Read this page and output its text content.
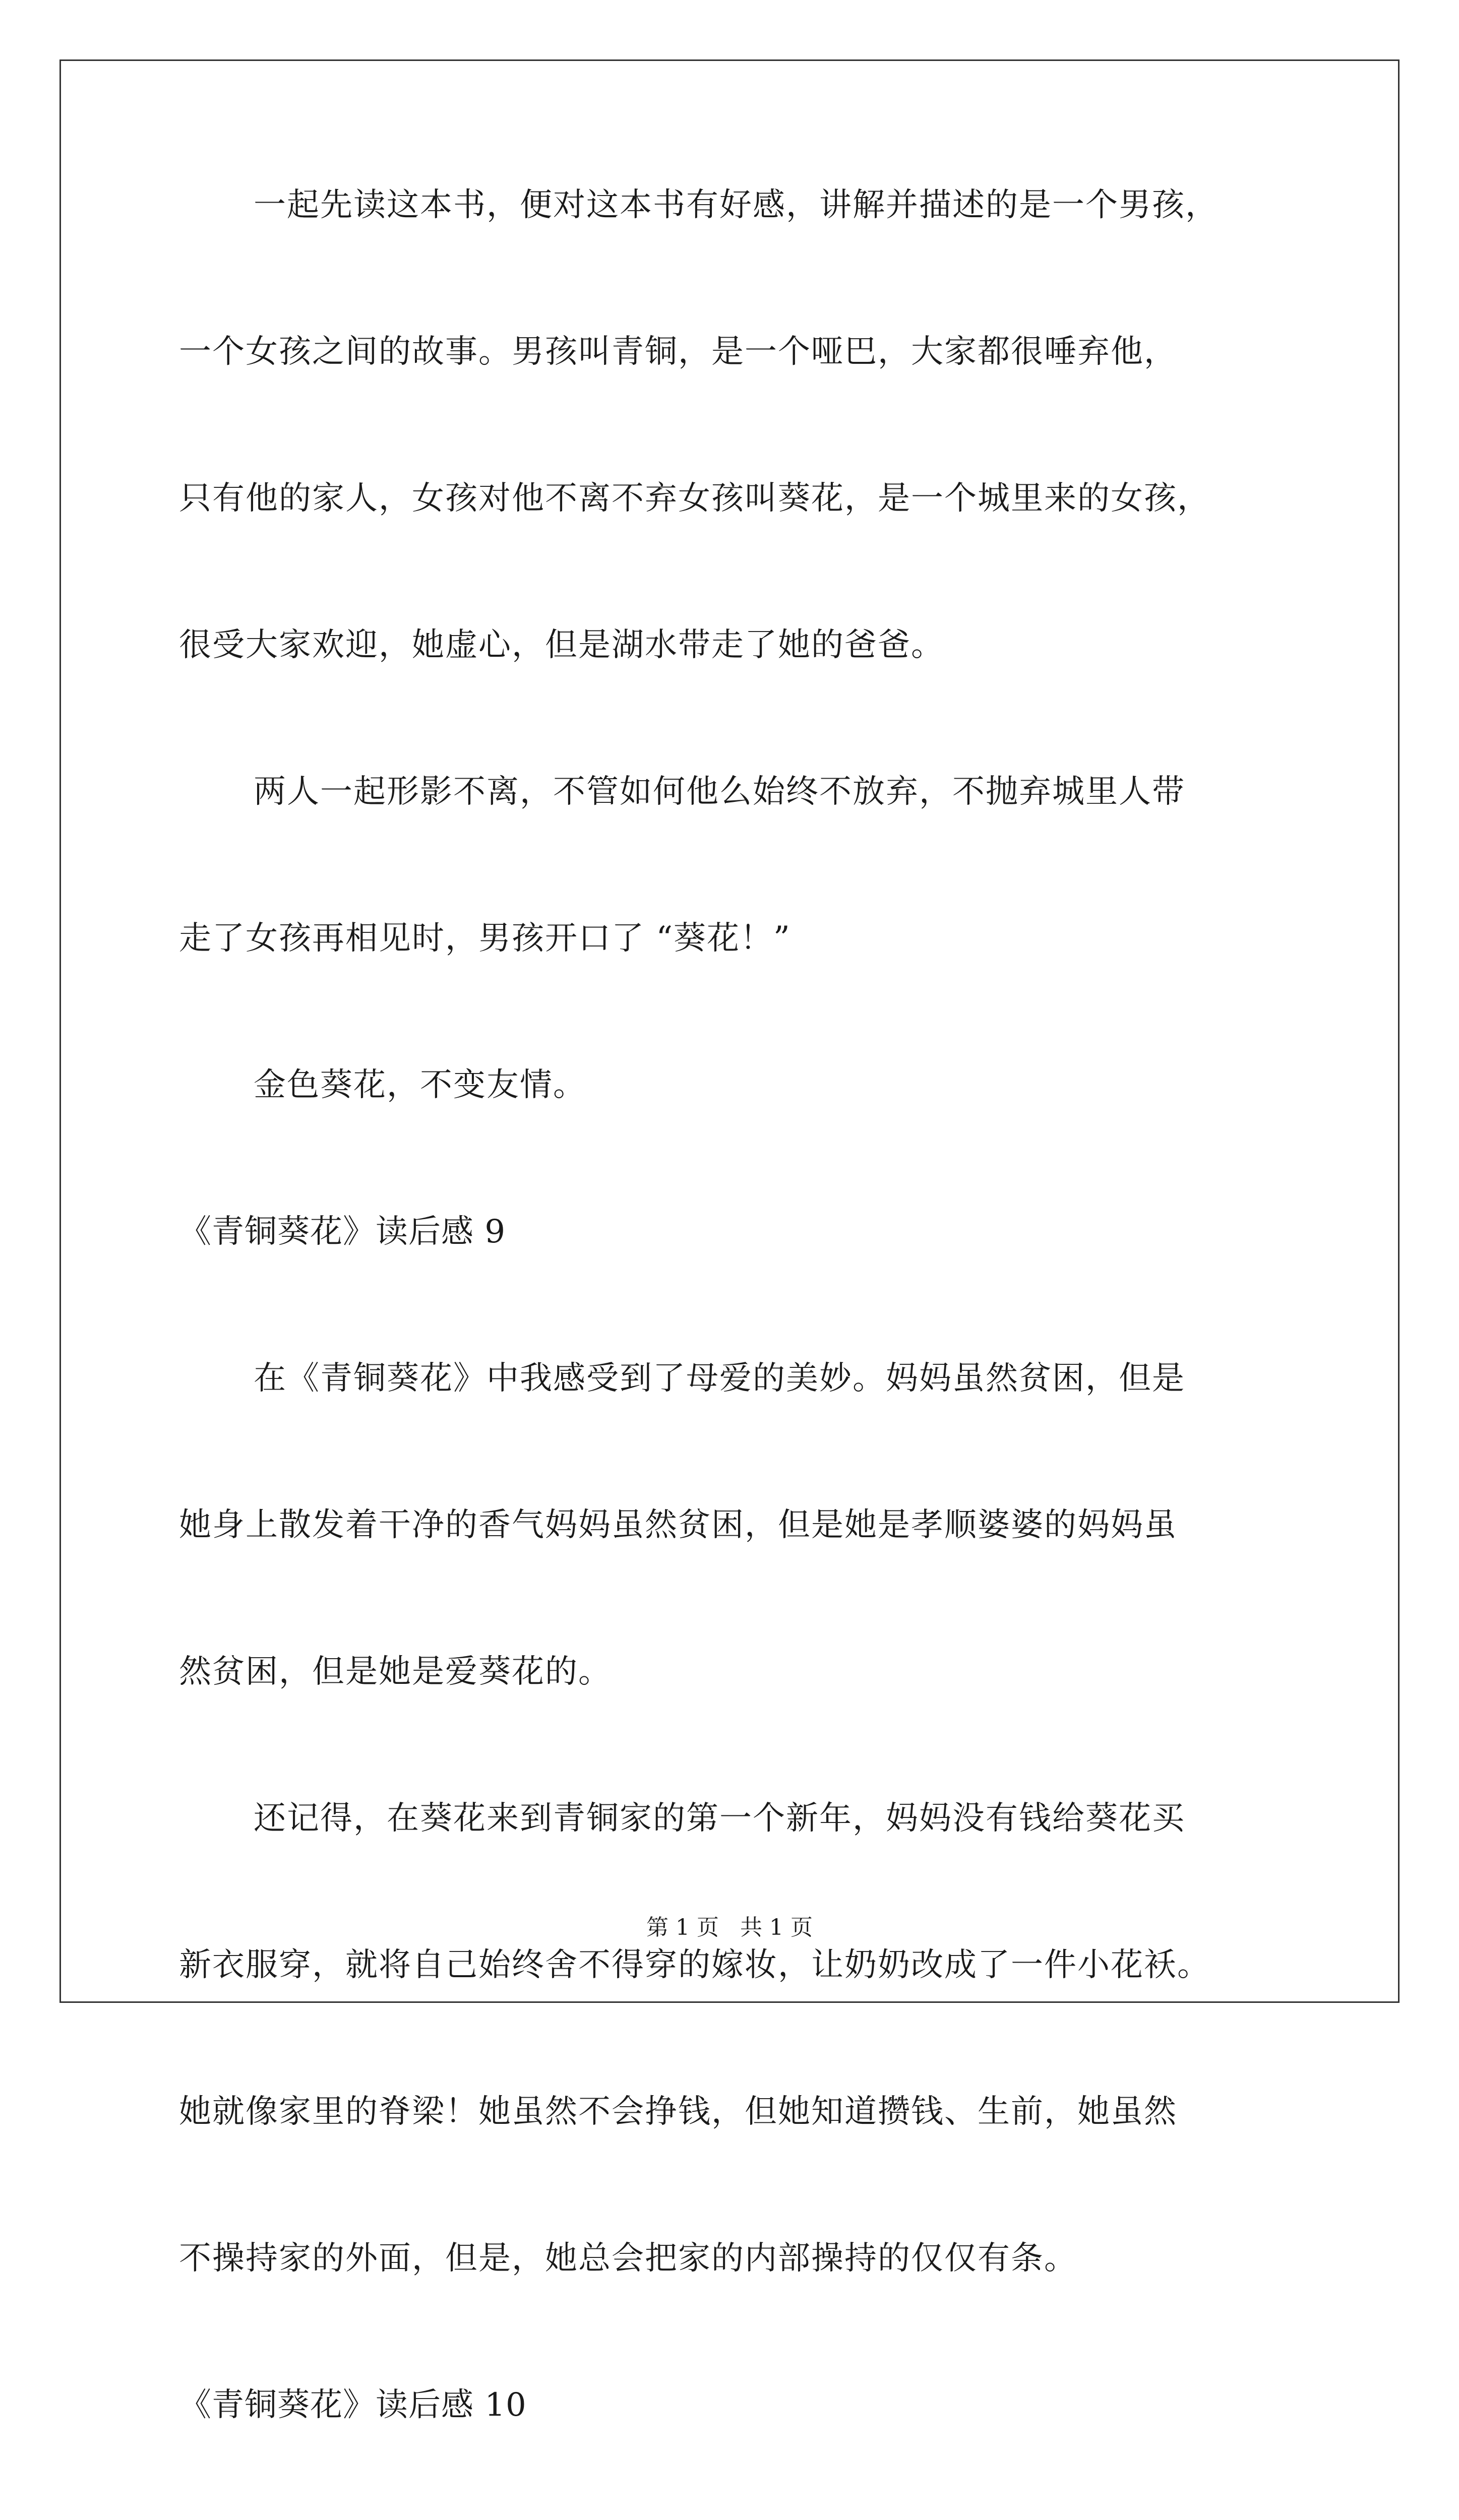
一起先读这本书，便对这本书有好感，讲解并描述的是一个男孩，

一个女孩之间的故事。男孩叫青铜，是一个哑巴，大家都很唾弃他，

只有他的家人，女孩对他不离不弃女孩叫葵花，是一个城里来的女孩，

很受大家欢迎，她虚心，但是湖水带走了她的爸爸。

两人一起形影不离，不管如何他么始终不放弃，不抛弃城里人带

走了女孩再相见时，男孩开口了 “葵花！”

金色葵花，不变友情。

《青铜葵花》读后感 9

在《青铜葵花》中我感受到了母爱的美妙。妈妈虽然贫困，但是

她身上散发着干净的香气妈妈虽然贫困，但是她是孝顺婆婆的妈妈虽

然贫困，但是她是爱葵花的。

还记得，在葵花来到青铜家的第一个新年，妈妈没有钱给葵花买

新衣服穿，就将自己始终舍不得穿的嫁妆，让奶奶改成了一件小花袄。

她就像家里的脊梁！她虽然不会挣钱，但她知道攒钱、生前，她虽然

不操持家的外面，但是，她总会把家的内部操持的仅仅有条。

《青铜葵花》读后感 10

第 1 页   共 1 页
